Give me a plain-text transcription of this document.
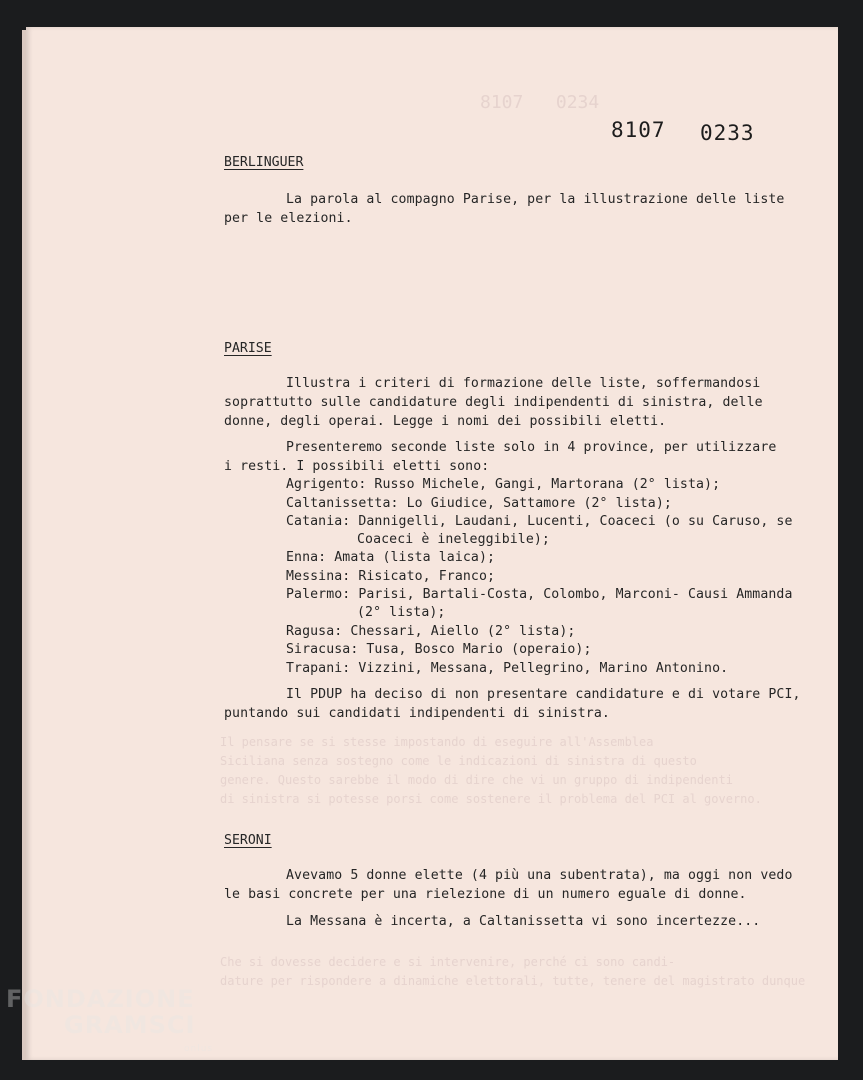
8107   0234
Il pensare se si stesse impostando di eseguire all'Assemblea
Siciliana senza sostegno come le indicazioni di sinistra di questo
genere. Questo sarebbe il modo di dire che vi un gruppo di indipendenti
di sinistra si potesse porsi come sostenere il problema del PCI al governo.
Che si dovesse decidere e si intervenire, perché ci sono candi-
dature per rispondere a dinamiche elettorali, tutte, tenere del magistrato dunque
8107 0233
BERLINGUER
La parola al compagno Parise, per la illustrazione delle liste
per le elezioni.
PARISE
Illustra i criteri di formazione delle liste, soffermandosi
soprattutto sulle candidature degli indipendenti di sinistra, delle
donne, degli operai. Legge i nomi dei possibili eletti.
Presenteremo seconde liste solo in 4 province, per utilizzare
i resti. I possibili eletti sono:
Agrigento: Russo Michele, Gangi, Martorana (2° lista);
Caltanissetta: Lo Giudice, Sattamore (2° lista);
Catania: Dannigelli, Laudani, Lucenti, Coaceci (o su Caruso, se
Coaceci è ineleggibile);
Enna: Amata (lista laica);
Messina: Risicato, Franco;
Palermo: Parisi, Bartali-Costa, Colombo, Marconi- Causi Ammanda
(2° lista);
Ragusa: Chessari, Aiello (2° lista);
Siracusa: Tusa, Bosco Mario (operaio);
Trapani: Vizzini, Messana, Pellegrino, Marino Antonino.
Il PDUP ha deciso di non presentare candidature e di votare PCI,
puntando sui candidati indipendenti di sinistra.
SERONI
Avevamo 5 donne elette (4 più una subentrata), ma oggi non vedo
le basi concrete per una rielezione di un numero eguale di donne.
La Messana è incerta, a Caltanissetta vi sono incertezze...
FONDAZIONE
GRAMSCI
onlus
